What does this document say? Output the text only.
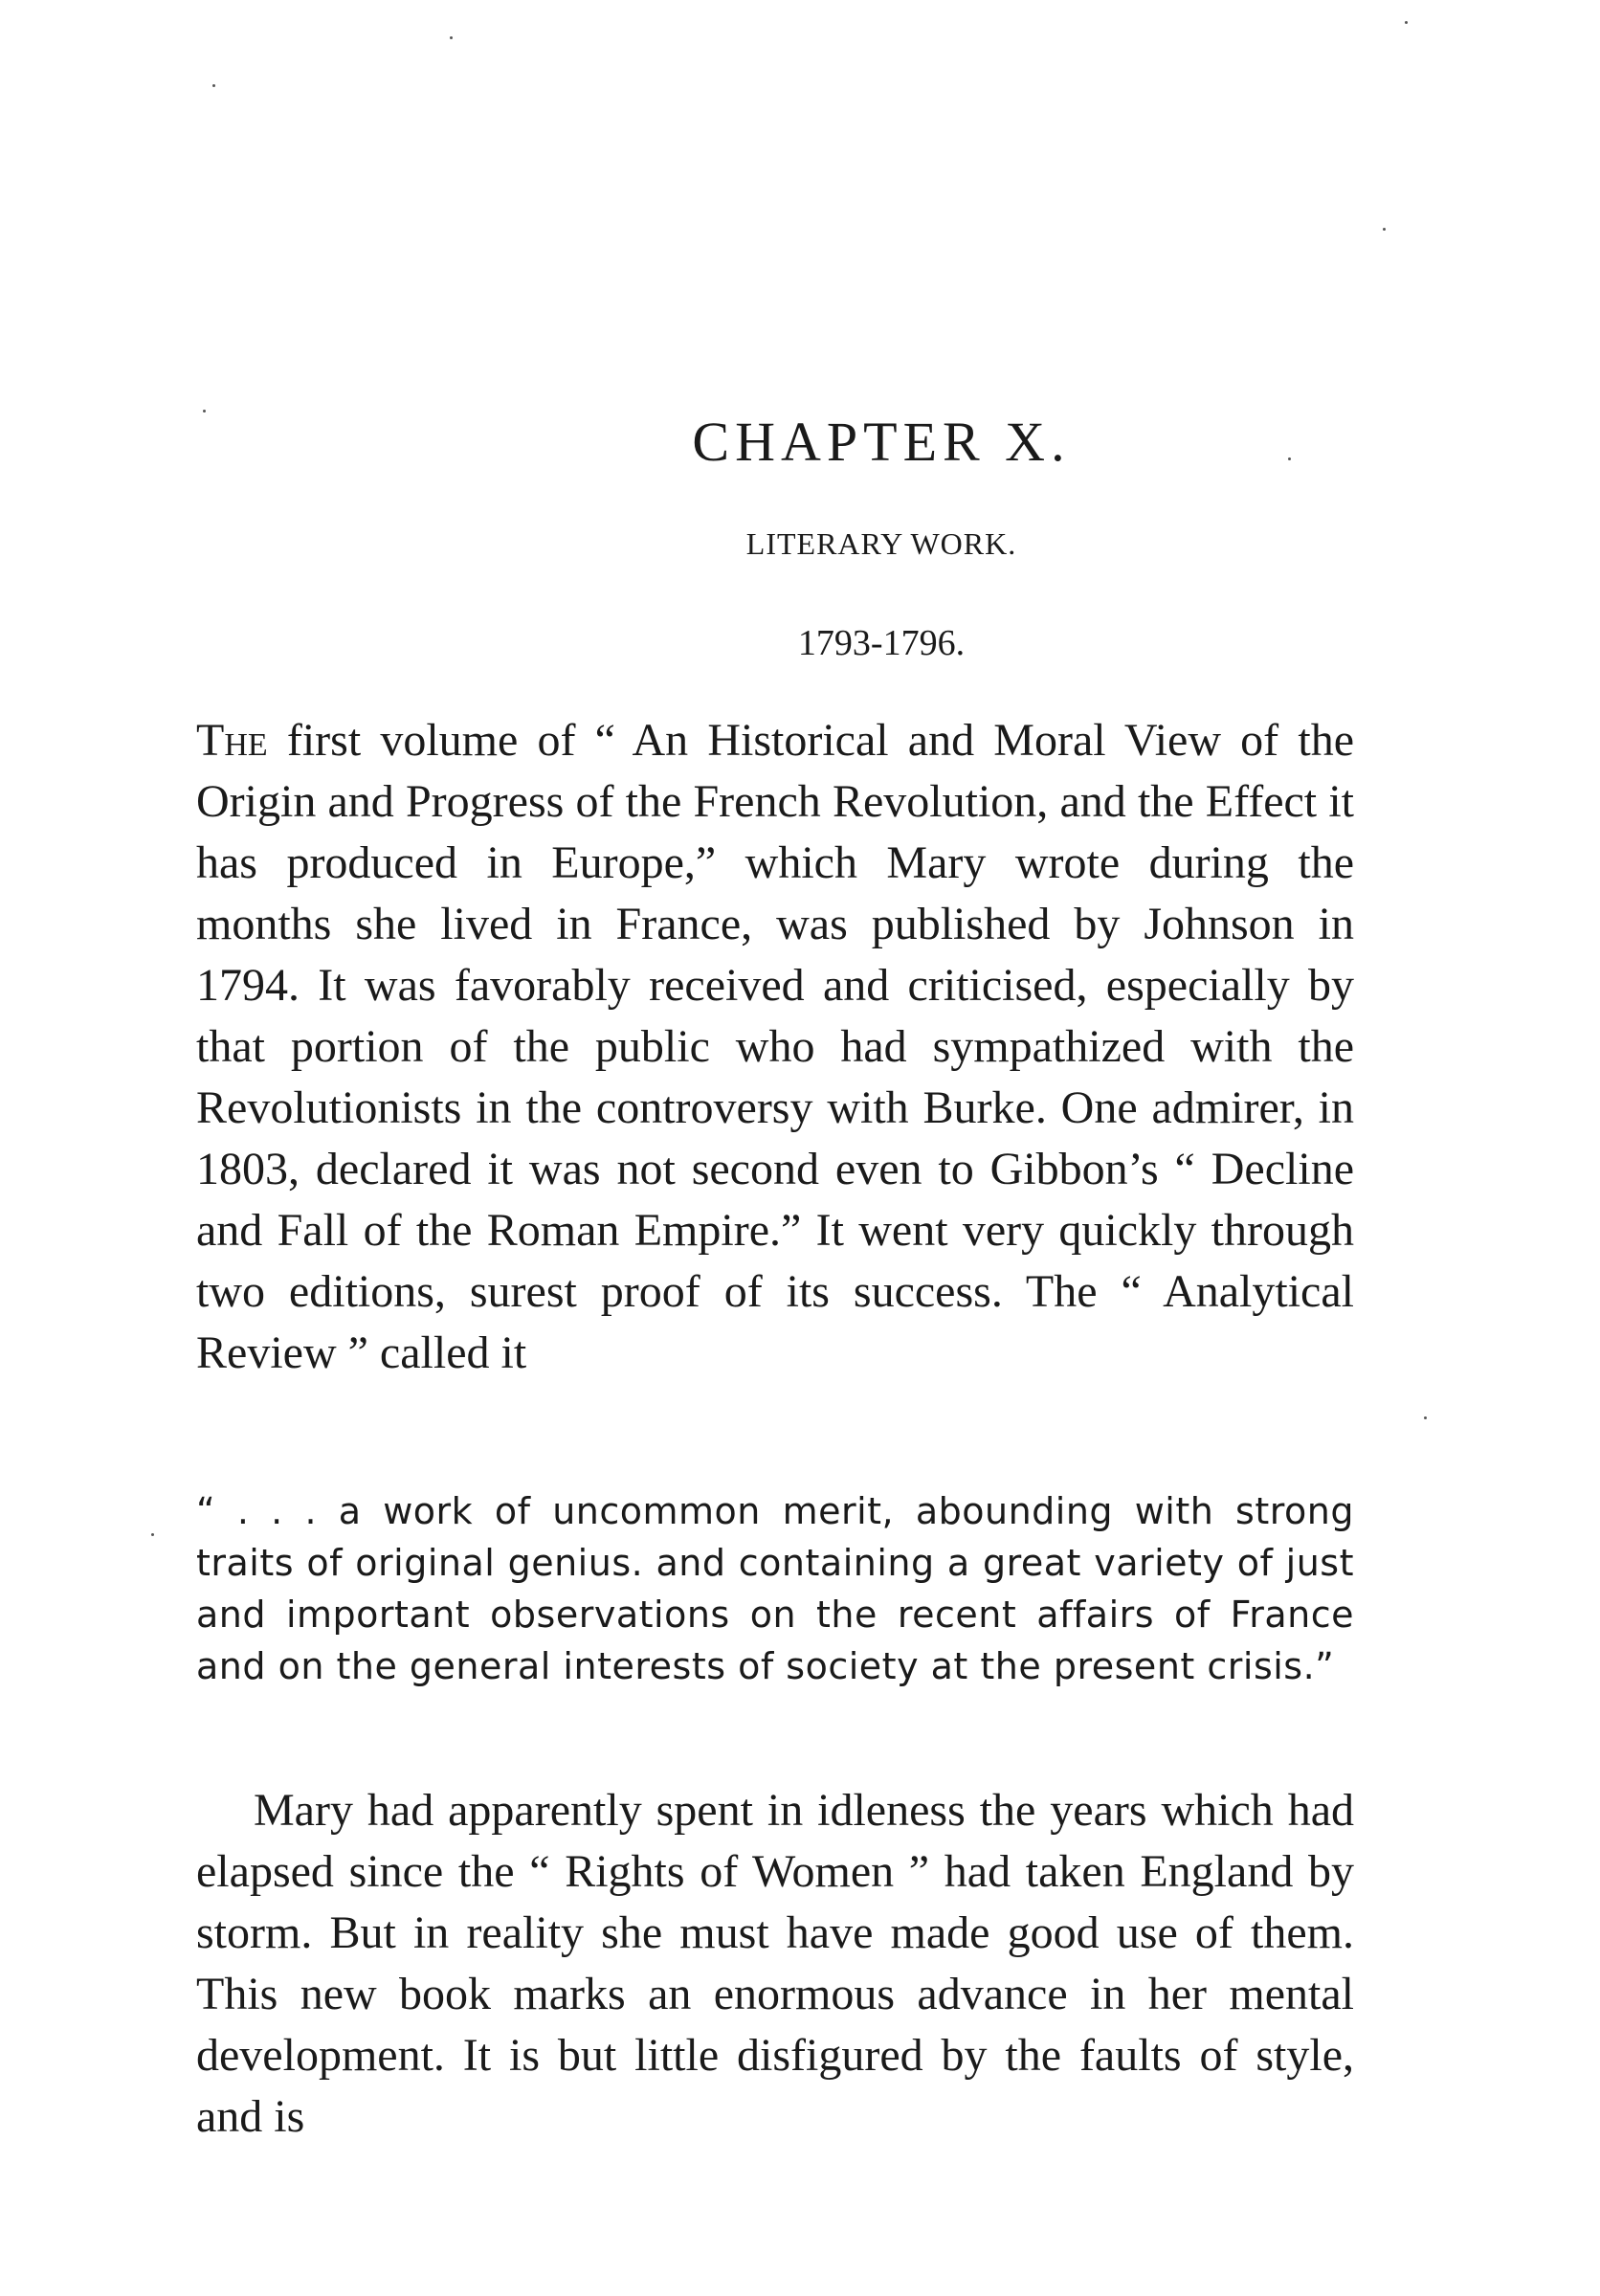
CHAPTER X.
LITERARY WORK.
1793-1796.

The first volume of “ An Historical and Moral View of the Origin and Progress of the French Revolution, and the Effect it has produced in Europe,” which Mary wrote during the months she lived in France, was published by Johnson in 1794. It was favorably received and criticised, especially by that portion of the public who had sympathized with the Revolutionists in the controversy with Burke. One admirer, in 1803, declared it was not second even to Gibbon’s “ Decline and Fall of the Roman Empire.” It went very quickly through two editions, surest proof of its success. The “ Analytical Review ” called it

“ . . . a work of uncommon merit, abounding with strong traits of original genius. and containing a great variety of just and important observations on the recent affairs of France and on the general interests of society at the present crisis.”

Mary had apparently spent in idleness the years which had elapsed since the “ Rights of Women ” had taken England by storm. But in reality she must have made good use of them. This new book marks an enormous advance in her mental development. It is but little disfigured by the faults of style, and is
